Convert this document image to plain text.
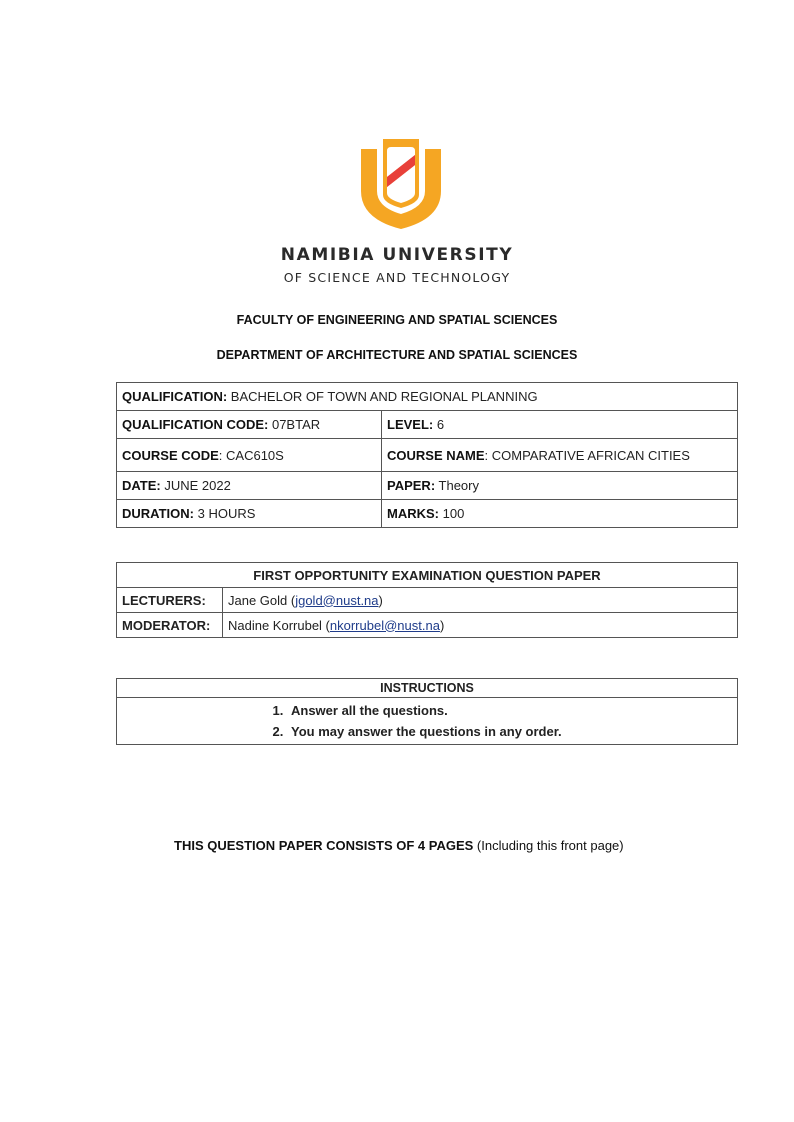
NAMIBIA UNIVERSITY
OF SCIENCE AND TECHNOLOGY
FACULTY OF ENGINEERING AND SPATIAL SCIENCES
DEPARTMENT OF ARCHITECTURE AND SPATIAL SCIENCES
QUALIFICATION: BACHELOR OF TOWN AND REGIONAL PLANNING	
QUALIFICATION CODE: 07BTAR	LEVEL: 6
COURSE CODE: CAC610S	COURSE NAME: COMPARATIVE AFRICAN CITIES
DATE: JUNE 2022	PAPER: Theory
DURATION: 3 HOURS	MARKS: 100
FIRST OPPORTUNITY EXAMINATION QUESTION PAPER	
LECTURERS:	Jane Gold (jgold@nust.na)
MODERATOR:	Nadine Korrubel (nkorrubel@nust.na)
INSTRUCTIONS

1. Answer all the questions.
2. You may answer the questions in any order.
THIS QUESTION PAPER CONSISTS OF 4 PAGES (Including this front page)
